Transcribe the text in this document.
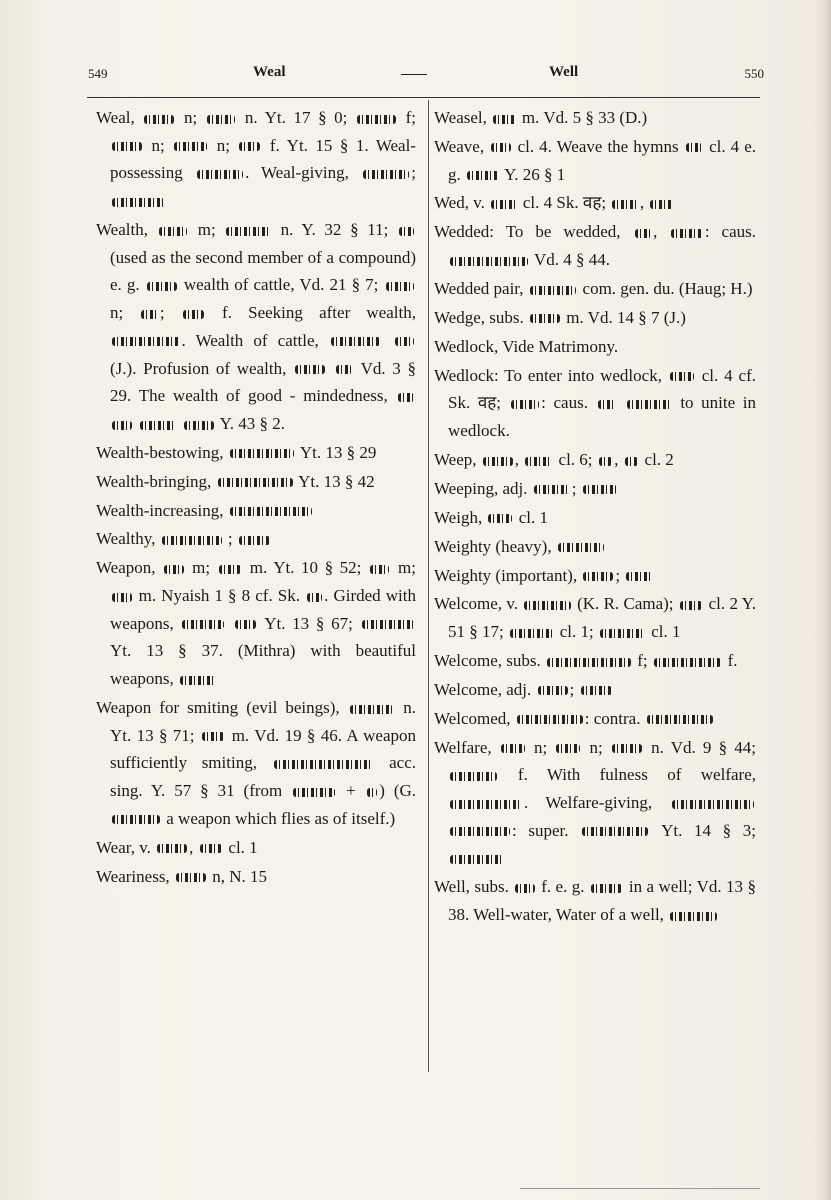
549	Weal	Well	550

Weal,  n;  n. Yt. 17 § 0;	f;  n;  n;  f. Yt. 15 § 1. Weal-possessing	. Weal-giving,	;

Wealth,  m;	n. Y. 32 § 11;  (used as the second member of a compound) e. g.  wealth of cattle, Vd. 21 § 7;  n; ;  f. Seeking after wealth, . Wealth of cattle,   (J.). Profusion of wealth,	Vd. 3 § 29. The wealth of good - mindedness,     Y. 43 § 2.

Wealth-bestowing,	Yt. 13 § 29

Wealth-bringing,	Yt. 13 § 42

Wealth-increasing,

Wealthy,	;

Weapon,  m;  m. Yt. 10 § 52;  m;  m. Nyaish 1 § 8 cf. Sk. . Girded with weapons,	Yt. 13 § 67;  Yt. 13 § 37. (Mithra) with beautiful weapons,

Weapon for smiting (evil beings),	n. Yt. 13 § 71;  m. Vd. 19 § 46. A weapon sufficiently smiting,	acc. sing. Y. 57 § 31 (from	+ ) (G.  a weapon which flies as of itself.)

Wear, v. ,  cl. 1

Weariness,  n, N. 15

Weasel,  m. Vd. 5 § 33 (D.)

Weave,  cl. 4. Weave the hymns  cl. 4 e. g.  Y. 26 § 1

Wed, v.  cl. 4 Sk. वह; ,

Wedded: To be wedded, , : caus.  Vd. 4 § 44.

Wedded pair,	com. gen. du. (Haug; H.)

Wedge, subs.  m. Vd. 14 § 7 (J.)

Wedlock, Vide Matrimony.

Wedlock: To enter into wedlock,  cl. 4 cf. Sk. वह; : caus.	to unite in wedlock.

Weep, ,  cl. 6; ,  cl. 2

Weeping, adj. ;

Weigh,  cl. 1

Weighty (heavy),

Weighty (important), ;

Welcome, v.	(K. R. Cama);  cl. 2 Y. 51 § 17;	cl. 1;	cl. 1

Welcome, subs.	f;	f.

Welcome, adj. ;

Welcomed,	: contra.

Welfare,  n;  n;  n. Vd. 9 § 44;  f. With fulness of welfare, . Welfare-giving,  : super.	Yt. 14 § 3;

Well, subs.  f. e. g.  in a well; Vd. 13 § 38. Well-water, Water of a well,
